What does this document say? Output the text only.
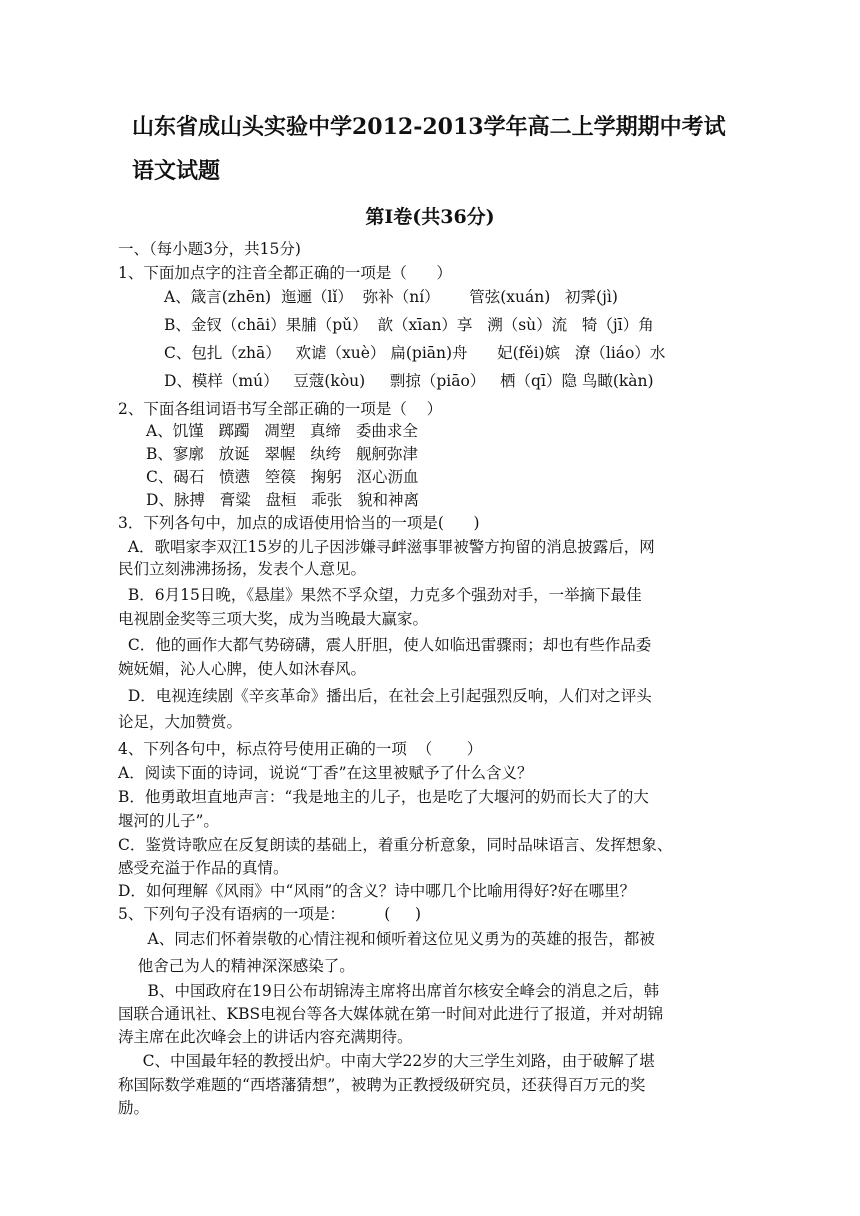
山东省成山头实验中学2012-2013学年高二上学期期中考试
语文试题
第Ⅰ卷(共36分)
一、（每小题3分，共15分)
1、下面加点字的注音全都正确的一项是（      ）
A、箴言(zhēn)  迤逦（lǐ）  弥补（ní）      管弦(xuán)   初霁(jì)
B、金钗（chāi）果脯（pǔ）  歆（xīan）享   溯（sù）流   犄（jī）角
C、包扎（zhā）   欢谑（xuè） 扁(piān)舟      妃(fěi)嫔   潦（liáo）水
D、模样（mú）   豆蔻(kòu)     剽掠（piāo）   栖（qī）隐 鸟瞰(kàn)
2、下面各组词语书写全部正确的一项是（    ）
A、饥馑   踯躅   凋塑   真缔   委曲求全
B、寥廓   放诞   翠幄   纨绔   舰舸弥津
C、碣石   愤懑   箜篌   掬躬   沤心沥血
D、脉搏   膏粱   盘桓   乖张   貌和神离
3．下列各句中，加点的成语使用恰当的一项是(      )
A．歌唱家李双江15岁的儿子因涉嫌寻衅滋事罪被警方拘留的消息披露后，网
民们立刻沸沸扬扬，发表个人意见。
B．6月15日晚，《悬崖》果然不孚众望，力克多个强劲对手，一举摘下最佳
电视剧金奖等三项大奖，成为当晚最大赢家。
C．他的画作大都气势磅礴，震人肝胆，使人如临迅雷骤雨；却也有些作品委
婉妩媚，沁人心脾，使人如沐春风。
D．电视连续剧《辛亥革命》播出后，在社会上引起强烈反响，人们对之评头
论足，大加赞赏。
4、下列各句中，标点符号使用正确的一项  （       ）
A．阅读下面的诗词，说说“丁香”在这里被赋予了什么含义？
B．他勇敢坦直地声言：“我是地主的儿子，也是吃了大堰河的奶而长大了的大
堰河的儿子”。
C．鉴赏诗歌应在反复朗读的基础上，着重分析意象，同时品味语言、发挥想象、
感受充溢于作品的真情。
D．如何理解《风雨》中“风雨”的含义？诗中哪几个比喻用得好?好在哪里？
5、下列句子没有语病的一项是：        (     )
A、同志们怀着崇敬的心情注视和倾听着这位见义勇为的英雄的报告，都被
他舍己为人的精神深深感染了。
B、中国政府在19日公布胡锦涛主席将出席首尔核安全峰会的消息之后，韩
国联合通讯社、KBS电视台等各大媒体就在第一时间对此进行了报道，并对胡锦
涛主席在此次峰会上的讲话内容充满期待。
C、中国最年轻的教授出炉。中南大学22岁的大三学生刘路，由于破解了堪
称国际数学难题的“西塔藩猜想”，被聘为正教授级研究员，还获得百万元的奖
励。
